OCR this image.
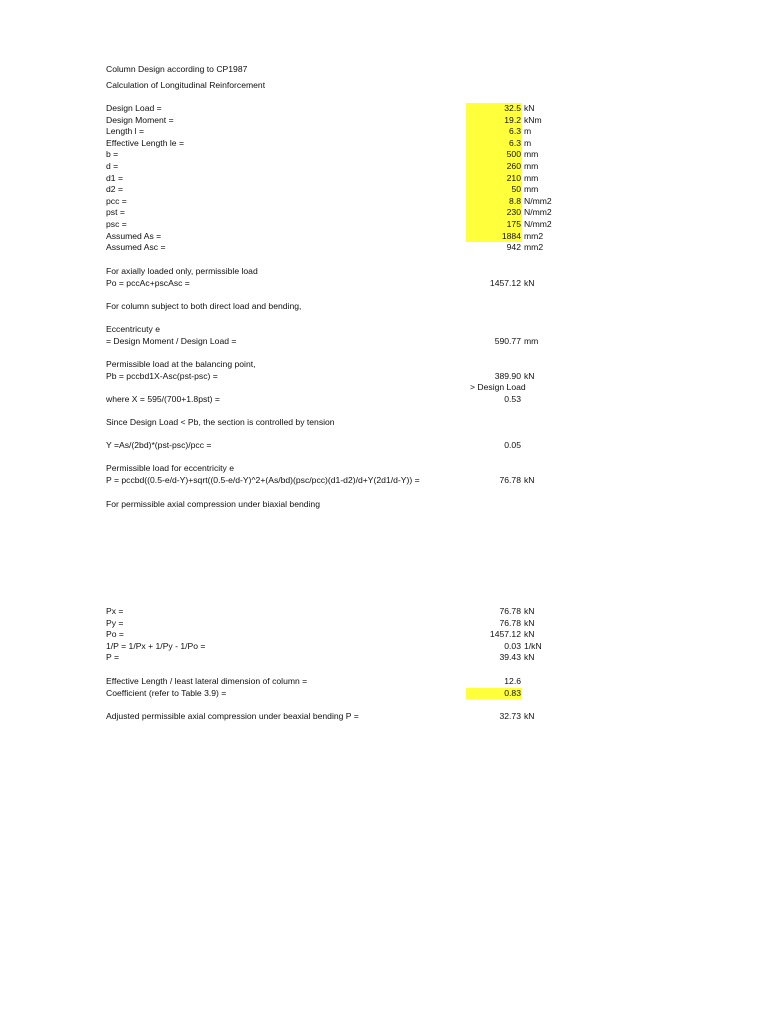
Column Design according to CP1987
Calculation of Longitudinal Reinforcement
Design Load =	32.5 kN
Design Moment =	19.2 kNm
Length l =	6.3 m
Effective Length le =	6.3 m
b =	500 mm
d =	260 mm
d1 =	210 mm
d2 =	50 mm
pcc =	8.8 N/mm2
pst =	230 N/mm2
psc =	175 N/mm2
Assumed As =	1884 mm2
Assumed Asc =	942 mm2
For axially loaded only, permissible load
Po = pccAc+pscAsc =	1457.12 kN
For column subject to both direct load and bending,
Eccentricuty e
= Design Moment / Design Load =	590.77 mm
Permissible load at the balancing point,
Pb = pccbd1X-Asc(pst-psc) =	389.90 kN
> Design Load
where X = 595/(700+1.8pst) =	0.53
Since Design Load < Pb, the section is controlled by tension
Y =As/(2bd)*(pst-psc)/pcc =	0.05
Permissible load for eccentricity e
P = pccbd((0.5-e/d-Y)+sqrt((0.5-e/d-Y)^2+(As/bd)(psc/pcc)(d1-d2)/d+Y(2d1/d-Y)) =	76.78 kN
For permissible axial compression under biaxial bending
Px =	76.78 kN
Py =	76.78 kN
Po =	1457.12 kN
1/P = 1/Px + 1/Py - 1/Po =	0.03 1/kN
P =	39.43 kN
Effective Length / least lateral dimension of column =	12.6
Coefficient (refer to Table 3.9) =	0.83
Adjusted permissible axial compression under beaxial bending P =	32.73 kN
